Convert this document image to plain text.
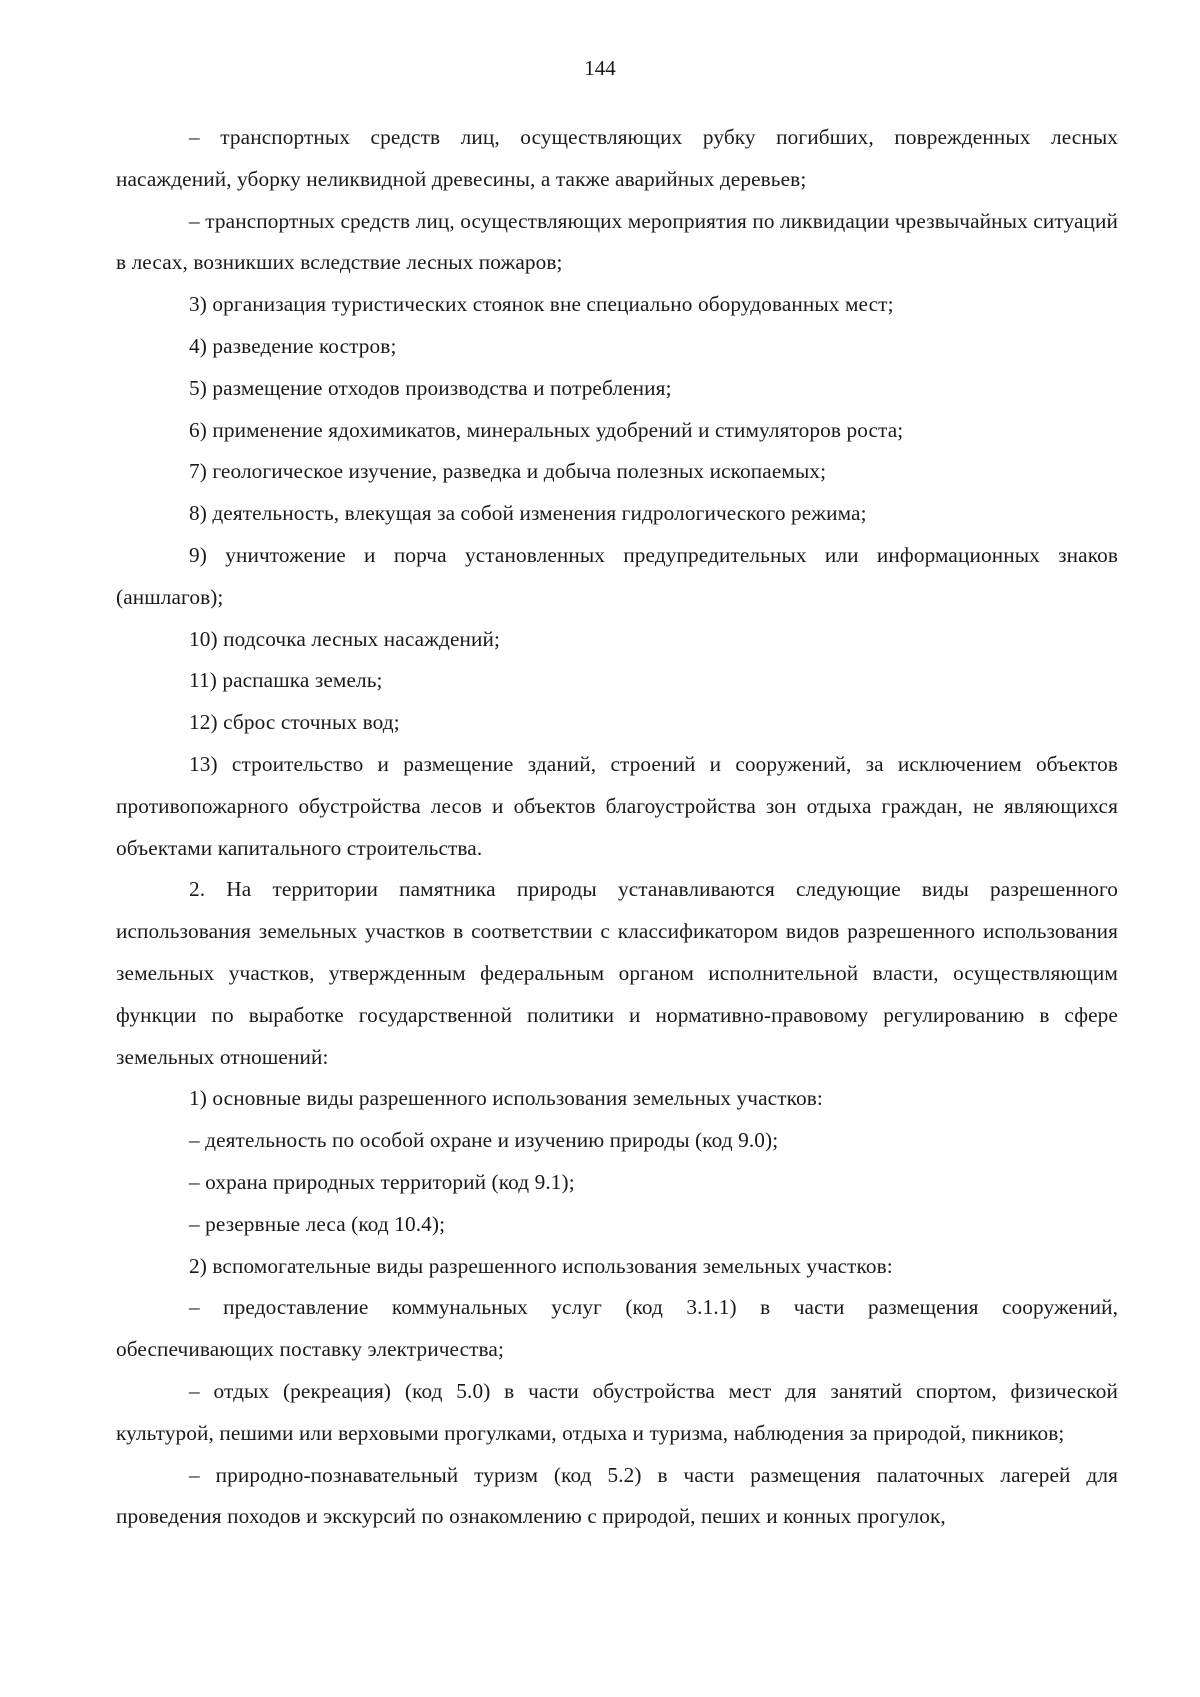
144

– транспортных средств лиц, осуществляющих рубку погибших, поврежденных лесных насаждений, уборку неликвидной древесины, а также аварийных деревьев;

– транспортных средств лиц, осуществляющих мероприятия по ликвидации чрезвычайных ситуаций в лесах, возникших вследствие лесных пожаров;

3) организация туристических стоянок вне специально оборудованных мест;

4) разведение костров;

5) размещение отходов производства и потребления;

6) применение ядохимикатов, минеральных удобрений и стимуляторов роста;

7) геологическое изучение, разведка и добыча полезных ископаемых;

8) деятельность, влекущая за собой изменения гидрологического режима;

9) уничтожение и порча установленных предупредительных или информационных знаков (аншлагов);

10) подсочка лесных насаждений;

11) распашка земель;

12) сброс сточных вод;

13) строительство и размещение зданий, строений и сооружений, за исключением объектов противопожарного обустройства лесов и объектов благоустройства зон отдыха граждан, не являющихся объектами капитального строительства.

2. На территории памятника природы устанавливаются следующие виды разрешенного использования земельных участков в соответствии с классификатором видов разрешенного использования земельных участков, утвержденным федеральным органом исполнительной власти, осуществляющим функции по выработке государственной политики и нормативно-правовому регулированию в сфере земельных отношений:

1) основные виды разрешенного использования земельных участков:

– деятельность по особой охране и изучению природы (код 9.0);

– охрана природных территорий (код 9.1);

– резервные леса (код 10.4);

2) вспомогательные виды разрешенного использования земельных участков:

– предоставление коммунальных услуг (код 3.1.1) в части размещения сооружений, обеспечивающих поставку электричества;

– отдых (рекреация) (код 5.0) в части обустройства мест для занятий спортом, физической культурой, пешими или верховыми прогулками, отдыха и туризма, наблюдения за природой, пикников;

– природно-познавательный туризм (код 5.2) в части размещения палаточных лагерей для проведения походов и экскурсий по ознакомлению с природой, пеших и конных прогулок,
